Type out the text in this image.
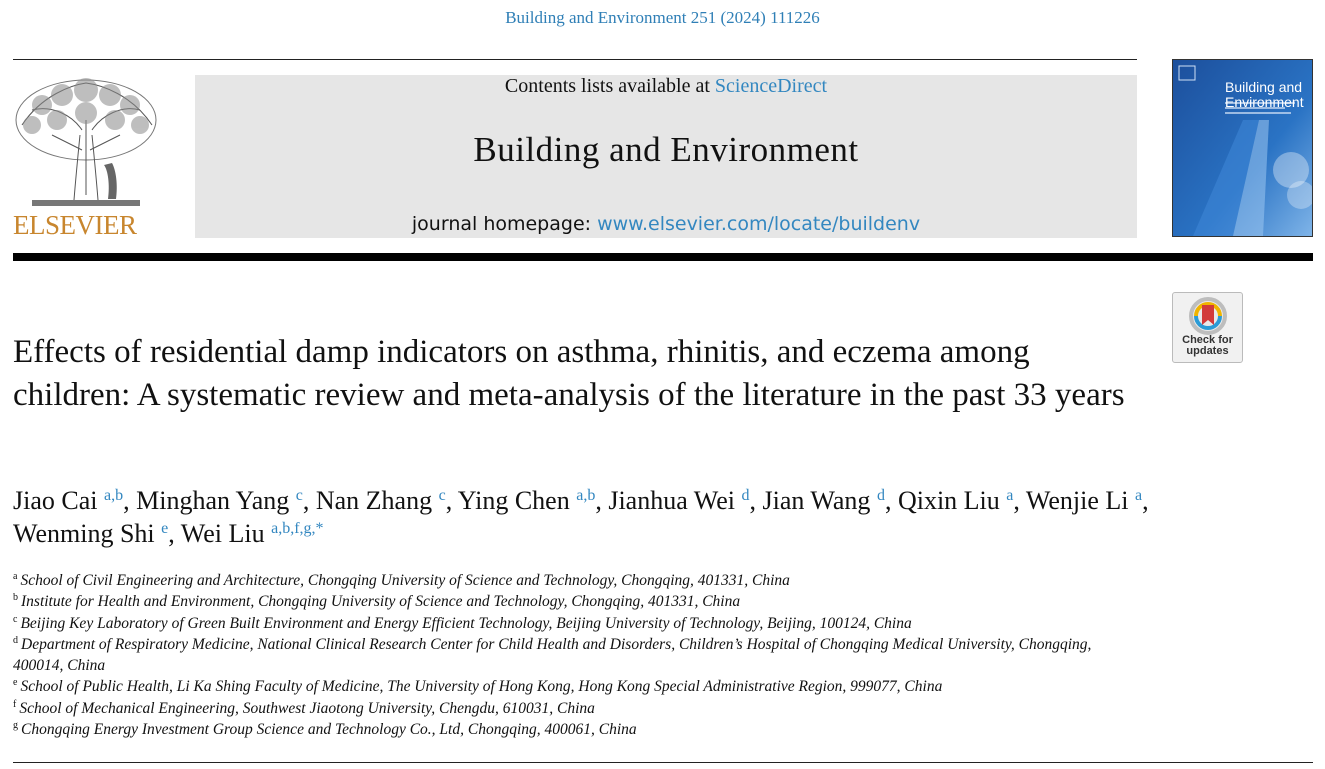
Building and Environment 251 (2024) 111226
ELSEVIER
Contents lists available at ScienceDirect
Building and Environment
journal homepage: www.elsevier.com/locate/buildenv
Building and
Environment
Check for
updates
Effects of residential damp indicators on asthma, rhinitis, and eczema among children: A systematic review and meta-analysis of the literature in the past 33 years
Jiao Cai $^{a,b}$, Minghan Yang $^c$, Nan Zhang $^c$, Ying Chen $^{a,b}$, Jianhua Wei $^d$, Jian Wang $^d$, Qixin Liu $^a$, Wenjie Li $^a$, Wenming Shi $^e$, Wei Liu $^{a,b,f,g,*}$
$^a$ School of Civil Engineering and Architecture, Chongqing University of Science and Technology, Chongqing, 401331, China
$^b$ Institute for Health and Environment, Chongqing University of Science and Technology, Chongqing, 401331, China
$^c$ Beijing Key Laboratory of Green Built Environment and Energy Efficient Technology, Beijing University of Technology, Beijing, 100124, China
$^d$ Department of Respiratory Medicine, National Clinical Research Center for Child Health and Disorders, Children’s Hospital of Chongqing Medical University, Chongqing, 400014, China
$^e$ School of Public Health, Li Ka Shing Faculty of Medicine, The University of Hong Kong, Hong Kong Special Administrative Region, 999077, China
$^f$ School of Mechanical Engineering, Southwest Jiaotong University, Chengdu, 610031, China
$^g$ Chongqing Energy Investment Group Science and Technology Co., Ltd, Chongqing, 400061, China
